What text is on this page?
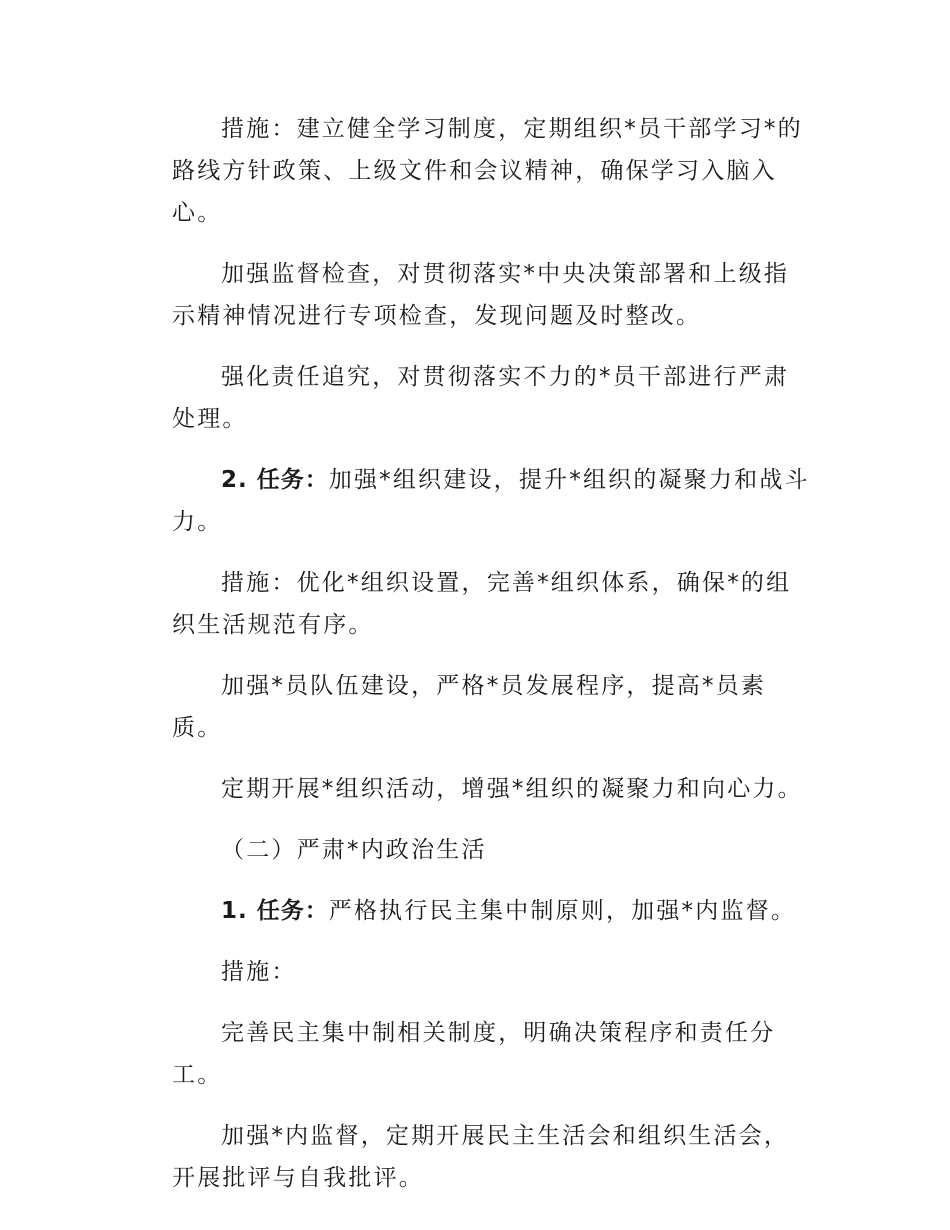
措施：建立健全学习制度，定期组织*员干部学习*的路线方针政策、上级文件和会议精神，确保学习入脑入心。

加强监督检查，对贯彻落实*中央决策部署和上级指示精神情况进行专项检查，发现问题及时整改。

强化责任追究，对贯彻落实不力的*员干部进行严肃处理。

2. 任务：加强*组织建设，提升*组织的凝聚力和战斗力。

措施：优化*组织设置，完善*组织体系，确保*的组织生活规范有序。

加强*员队伍建设，严格*员发展程序，提高*员素质。

定期开展*组织活动，增强*组织的凝聚力和向心力。

（二）严肃*内政治生活

1. 任务：严格执行民主集中制原则，加强*内监督。

措施：

完善民主集中制相关制度，明确决策程序和责任分工。

加强*内监督，定期开展民主生活会和组织生活会，开展批评与自我批评。
